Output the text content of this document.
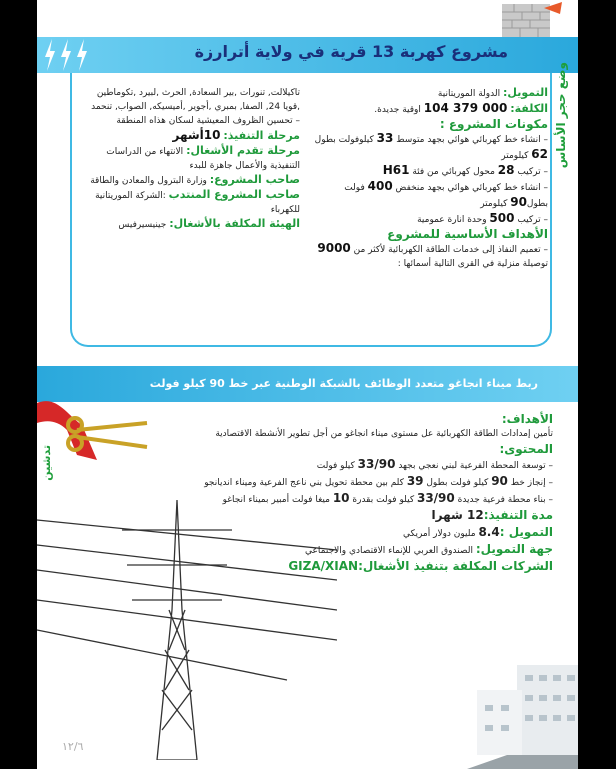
مشروع كهربة 13 قرية في ولاية أترارزة
وضع حجر الأساس

التمويل: الدولة الموريتانية

الكلفة: 000 379 104 اوقية جديدة.

مكونات المشروع :

– انشاء خط كهربائي هوائي بجهد متوسط 33 كيلوفولت بطول 62 كيلومتر

– تركيب 28 محول كهربائي من فئة H61

– انشاء خط كهربائي هوائي بجهد منخفض 400 فولت بطول90 كيلومتر

– تركيب 500 وحدة انارة عمومية

الأهداف الأساسية للمشروع

– تعميم النفاذ إلى خدمات الطاقة الكهربائية لأكثر من 9000 توصيلة منزلية في القرى التالية أسمائها :

تاكيلالت, تنورات ,بير السعادة, الحرث ,لبيرد ,تكوماطين ,قويا 24, الصفا, بمبري ,أجوير ,أميسيكه, الصواب, تنحمد

– تحسين الظروف المعيشية لسكان هذاه المنطقة

مرحلة التنفيذ: 10أشهر

مرحلة تقدم الأشغال: الانتهاء من الدراسات التنفيذية والأعمال جاهزة للبدء

صاحب المشروع: وزارة البترول والمعادن والطاقة

صاحب المشروع المنتدب :الشركة الموريتانية للكهرباء

الهيئة المكلفة بالأشغال: جينيسيرفيس

ربط ميناء انجاغو متعدد الوظائف بالشبكة الوطنية عبر خط 90 كيلو فولت
تدشين

الأهداف:

تأمين إمدادات الطاقة الكهربائية عل مستوى ميناء انجاغو من أجل تطوير الأنشطة الاقتصادية

المحتوى:

– توسعة المحطة الفرعية لبني نعجي بجهد 33/90 كيلو فولت

– إنجاز خط 90 كيلو فولت بطول 39 كلم بين محطة تحويل بني ناعج الفرعية وميناء انديانجو

– بناء محطة فرعية جديدة 33/90 كيلو فولت بقدرة 10 ميغا فولت أمبير بميناء انجاغو

مدة التنفيذ:12 شهرا

التمويل :8.4 مليون دولار أمريكي

جهة التمويل: الصندوق العربي للإنماء الاقتصادي والاجتماعي

الشركات المكلفة بتنفيذ الأشغال:GIZA/XIAN

١٢/٦
